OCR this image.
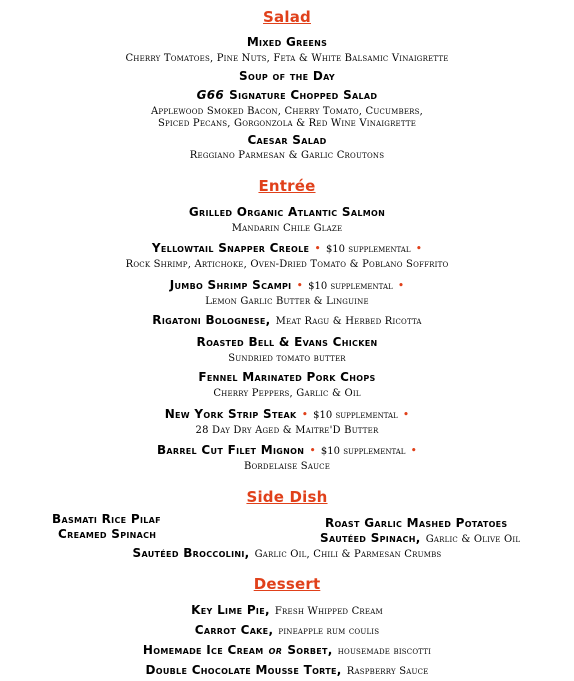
Salad
Mixed Greens
Cherry Tomatoes, Pine Nuts, Feta & White Balsamic Vinaigrette
Soup of the Day
G66 Signature Chopped Salad
Applewood Smoked Bacon, Cherry Tomato, Cucumbers,
Spiced Pecans, Gorgonzola & Red Wine Vinaigrette
Caesar Salad
Reggiano Parmesan & Garlic Croutons
Entrée
Grilled Organic Atlantic Salmon
Mandarin Chile Glaze
Yellowtail Snapper Creole • $10 supplemental •
Rock Shrimp, Artichoke, Oven-Dried Tomato & Poblano Soffrito
Jumbo Shrimp Scampi • $10 supplemental •
Lemon Garlic Butter & Linguine
Rigatoni Bolognese, Meat Ragu & Herbed Ricotta
Roasted Bell & Evans Chicken
Sundried tomato butter
Fennel Marinated Pork Chops
Cherry Peppers, Garlic & Oil
New York Strip Steak • $10 supplemental •
28 Day Dry Aged & Maitre'D Butter
Barrel Cut Filet Mignon • $10 supplemental •
Bordelaise Sauce
Side Dish
Basmati Rice Pilaf	Roast Garlic Mashed Potatoes
Creamed Spinach	Sautéed Spinach, Garlic & Olive Oil
Sautéed Broccolini, Garlic Oil, Chili & Parmesan Crumbs
Dessert
Key Lime Pie, Fresh Whipped Cream
Carrot Cake, pineapple rum coulis
Homemade Ice Cream or Sorbet, housemade biscotti
Double Chocolate Mousse Torte, Raspberry Sauce
